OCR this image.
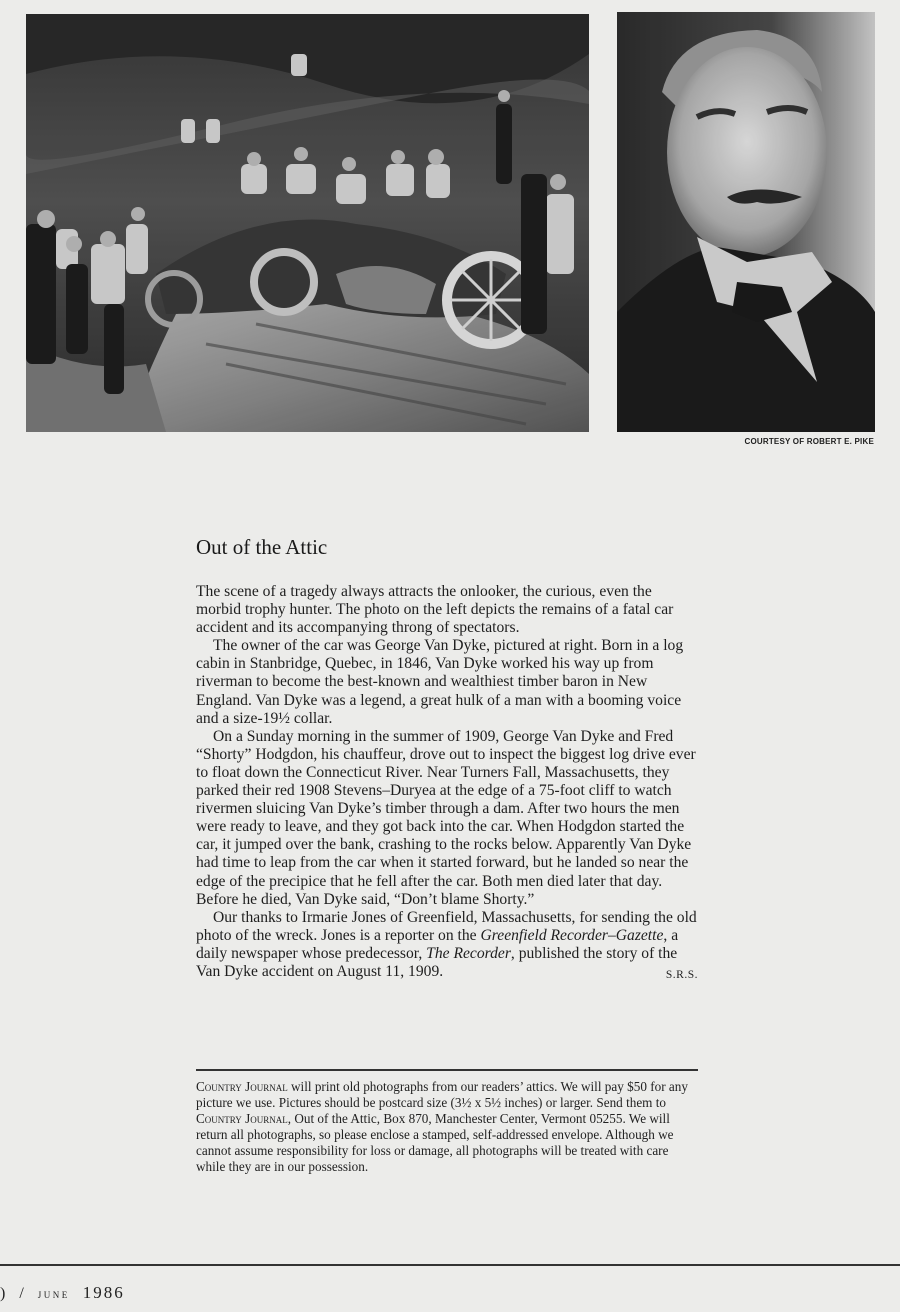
COURTESY OF ROBERT E. PIKE
Out of the Attic

The scene of a tragedy always attracts the onlooker, the curious, even the morbid trophy hunter. The photo on the left depicts the remains of a fatal car accident and its accompanying throng of spectators.

The owner of the car was George Van Dyke, pictured at right. Born in a log cabin in Stanbridge, Quebec, in 1846, Van Dyke worked his way up from riverman to become the best-known and wealthiest timber baron in New England. Van Dyke was a legend, a great hulk of a man with a booming voice and a size-19½ collar.

On a Sunday morning in the summer of 1909, George Van Dyke and Fred “Shorty” Hodgdon, his chauffeur, drove out to inspect the biggest log drive ever to float down the Connecticut River. Near Turners Fall, Massachusetts, they parked their red 1908 Stevens–Duryea at the edge of a 75-foot cliff to watch rivermen sluicing Van Dyke’s timber through a dam. After two hours the men were ready to leave, and they got back into the car. When Hodgdon started the car, it jumped over the bank, crashing to the rocks below. Apparently Van Dyke had time to leap from the car when it started forward, but he landed so near the edge of the precipice that he fell after the car. Both men died later that day. Before he died, Van Dyke said, “Don’t blame Shorty.”

Our thanks to Irmarie Jones of Greenfield, Massachusetts, for sending the old photo of the wreck. Jones is a reporter on the Greenfield Recorder–Gazette, a daily newspaper whose predecessor, The Recorder, published the story of the Van Dyke accident on August 11, 1909.	S.R.S.

Country Journal will print old photographs from our readers’ attics. We will pay $50 for any picture we use. Pictures should be postcard size (3½ x 5½ inches) or larger. Send them to Country Journal, Out of the Attic, Box 870, Manchester Center, Vermont 05255. We will return all photographs, so please enclose a stamped, self-addressed envelope. Although we cannot assume responsibility for loss or damage, all photographs will be treated with care while they are in our possession.
) / june 1986
